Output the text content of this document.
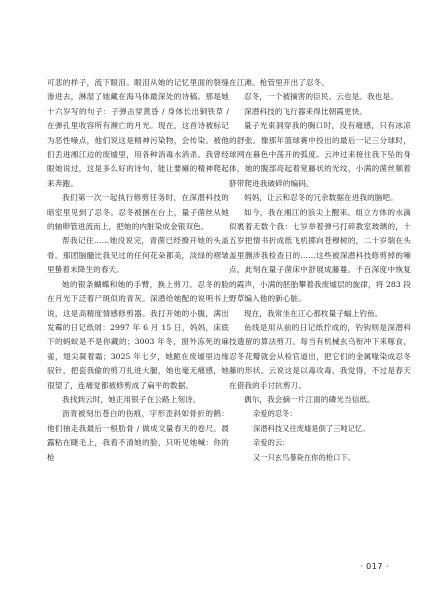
可悲的样子，流下眼泪。眼泪从她的记忆里面的裂缝渗进去，淋湿了她藏在海马体最深处的诗稿。那是她十六岁写的句子：子弹击穿黄昏 / 身体长出铜铁草 / 在弹孔里收容所有濒亡的月光。现在，这首诗被标记为恶性噪点，他们说这是精神污染物，会传染。被他们丢进湘江边的废墟里，用各种消毒水消杀。我曾经眼她说过，这是多么好的诗句，能让要瘫的精神爬起来奔跑。

我们第一次一起执行修剪任务时，在深潜科技的暗室里见到了忍冬。忍冬被捆在台上，量子菌丝从她的轴卵管进流而上，把她的内脏染成金银双色。

帮我记住……她没说完，青菌已经撩开她的头盖骨。那团脑髓比我见过的任何花朵都美，淡绿的褶皱里蛰着未降生的春天。

她的银条蝴蝶和她的手臂，换上剪刀。忍冬的脸在月光下泛着尸斑似的青灰。深潜给她配的说明书上说，这是高精度情感修剪器。我打开她的小腹，满出发霉的日记纸屑：2997 年 6 月 15 日，妈妈，床底下的蚂蚁是不是你藏的；3003 年冬，窗外冻死的麻雀，翅尖凝着霜；3025 年七夕，她跪在废墟里边缘驭针，把瓷我偷的剪刀扎进大腿，她也毫无痛感，她很望了，连痛觉都被修剪成了扁平的数据。

我找到云时，她正用银子在公路上刻诗。

沥青被刻出苍白的伤痕，字形歪斜如骨折的鹤：他们抽走我最后一根肋骨 / 做成文量春天的卷尺。晨露粘在睫毛上，我看不清她的脸，只听见她喊：你的枪

在江滩。枪管里开出了忍冬。

忍冬，一个被摘害的臣民。云也是。我也是。

深潜科技的飞行器来得比朝霞更快。

量子光束洞穿我的胸口时，没有痛感，只有冰凉的舒张。像那年篮球赛中投出的最后一记三分球时，球网在暮色中荡开的弧度。云冲过来接住我下坠的身体，她的腹部亮起着宽藤状的光纹，小满的菌丝顺着脐带爬进我破碎的编码。

妈妈，让云和忍冬的冗余数据在进我的脑吧。

如今，我在湘江的浪尖上醒来。组立方体的水滴似裹着无数个我：七岁举着弹弓打碎教室玻璃的，十五岁把情书折成纸飞机掷向苍穆树的，二十岁瑞在头盖里删涉我检查日的……这些被深潜科技修剪掉的噪点，此刻在量子菌床中舒展成藤蔓。千百深度中恢复的霞声，小满的胚胎攀着我废墟层的旋律，将 283 段野草编入他的新心脏。

现在，我常坐在江心那枚量子蝠上钓鱼。

鱼线是用从前的日记纸拧成的，钓钩则是深潜科技遗留的算法剪刀。每当有机械玄乌衔冲下来啄食，忍冬花瓣就会从检官道出，把它们的金属喙染成忍冬藤的形状。云说这是以毒攻毒，我觉得，不过是春天在借我的手讨抗剪刀。

偶尔，我会摘一片江面的磷光当信纸。

亲爱的忍冬：

深潜科技又往废墟是倒了三吨记忆。

亲爱的云：

又一只玄鸟暴毙在你的枪口下。

· 017 ·
